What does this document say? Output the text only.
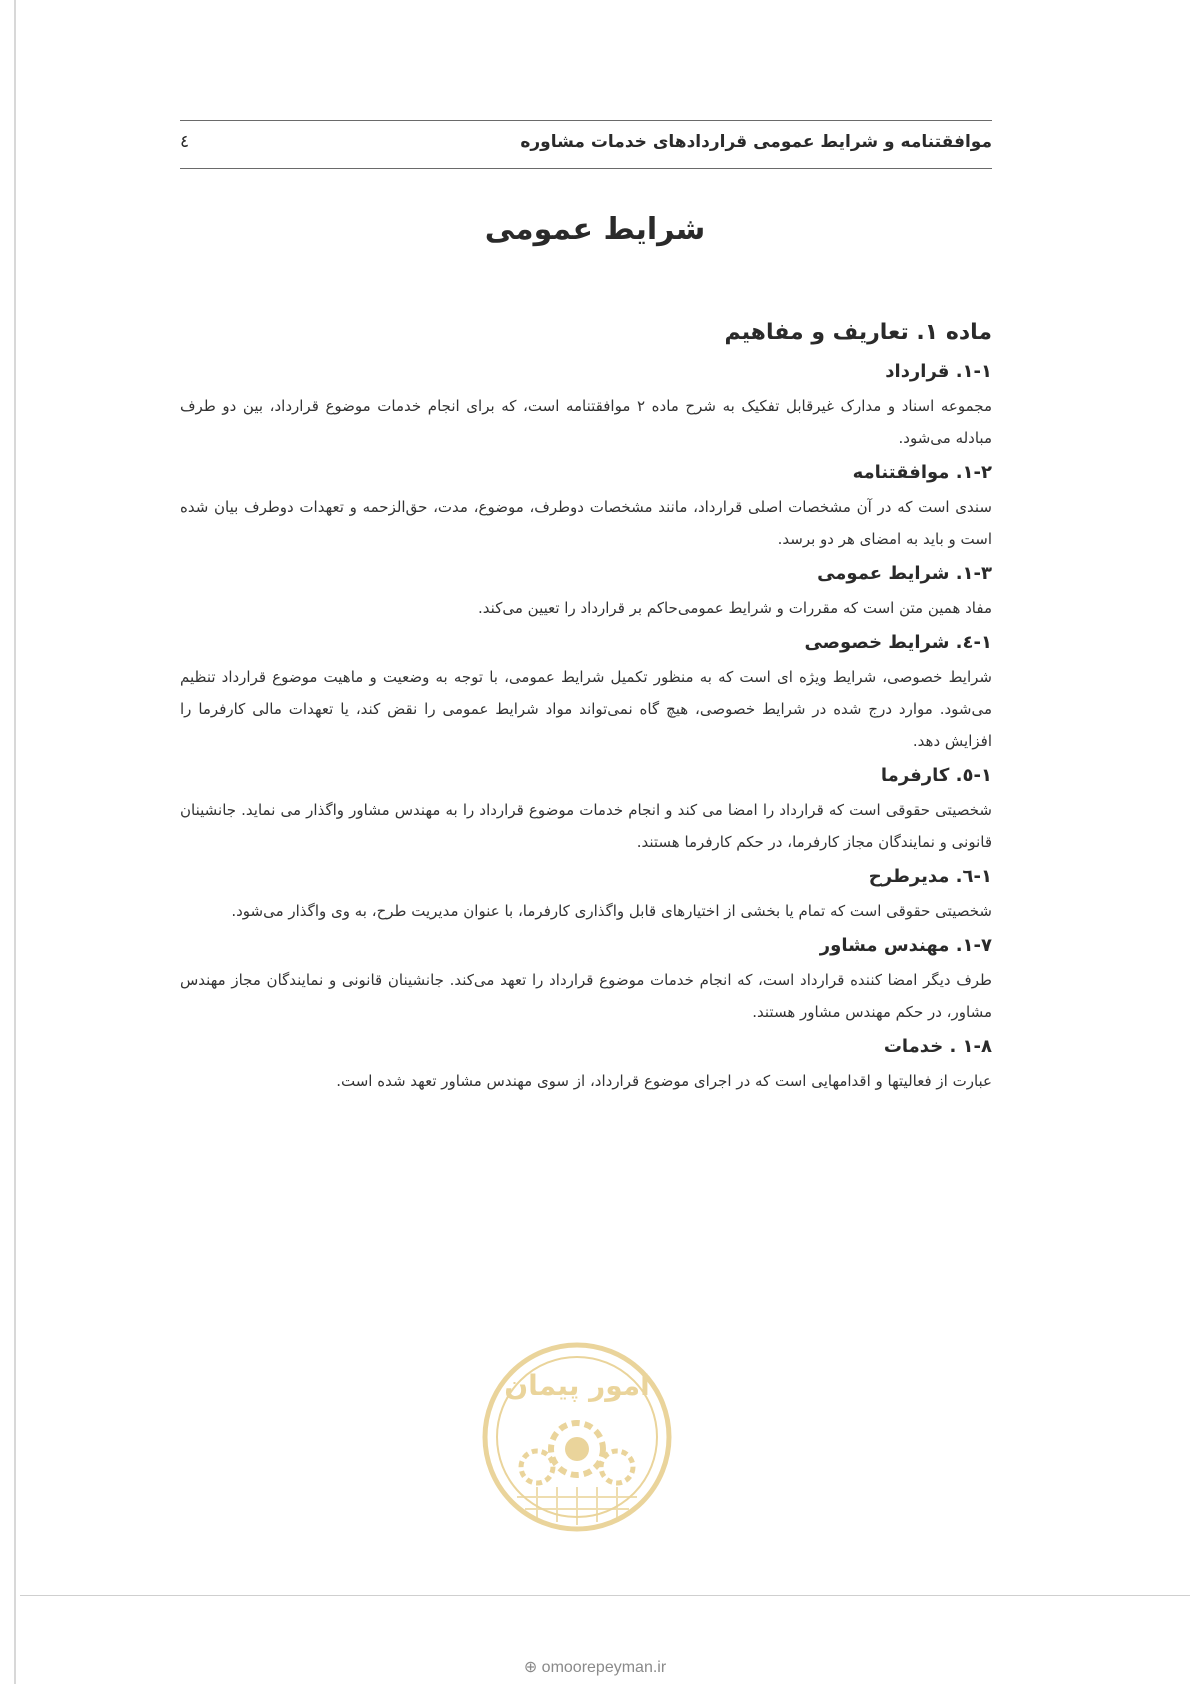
موافقتنامه و شرایط عمومی قراردادهای خدمات مشاوره
٤
شرایط عمومی
ماده ۱. تعاریف و مفاهیم
۱-۱. قرارداد
مجموعه اسناد و مدارک غیرقابل تفکیک به شرح ماده ۲ موافقتنامه است، که برای انجام خدمات موضوع قرارداد، بین دو طرف مبادله می‌شود.
۱-۲. موافقتنامه
سندی است که در آن مشخصات اصلی قرارداد، مانند مشخصات دوطرف، موضوع، مدت، حق‌الزحمه و تعهدات دوطرف بیان شده است و باید به امضای هر دو برسد.
۱-۳. شرایط عمومی
مفاد همین متن است که مقررات و شرایط عمومی‌حاکم بر قرارداد را تعیین می‌کند.
۱-٤. شرایط خصوصی
شرایط خصوصی، شرایط ویژه ای است که به منظور تکمیل شرایط عمومی، با توجه به وضعیت و ماهیت موضوع قرارداد تنظیم می‌شود. موارد درج شده در شرایط خصوصی، هیچ گاه نمی‌تواند مواد شرایط عمومی را نقض کند، یا تعهدات مالی کارفرما را افزایش دهد.
۱-٥. کارفرما
شخصیتی حقوقی است که قرارداد را امضا می کند و انجام خدمات موضوع قرارداد را به مهندس مشاور واگذار می نماید. جانشینان قانونی و نمایندگان مجاز کارفرما، در حکم کارفرما هستند.
۱-٦. مدیرطرح
شخصیتی حقوقی است که تمام یا بخشی از اختیارهای قابل واگذاری کارفرما، با عنوان مدیریت طرح، به وی واگذار می‌شود.
۱-۷. مهندس مشاور
طرف دیگر امضا کننده قرارداد است، که انجام خدمات موضوع قرارداد را تعهد می‌کند. جانشینان قانونی و نمایندگان مجاز مهندس مشاور، در حکم مهندس مشاور هستند.
۱-۸ . خدمات
عبارت از فعالیتها و اقدامهایی است که در اجرای موضوع قرارداد، از سوی مهندس مشاور تعهد شده است.
امور پیمان
⊕ omoorepeyman.ir
